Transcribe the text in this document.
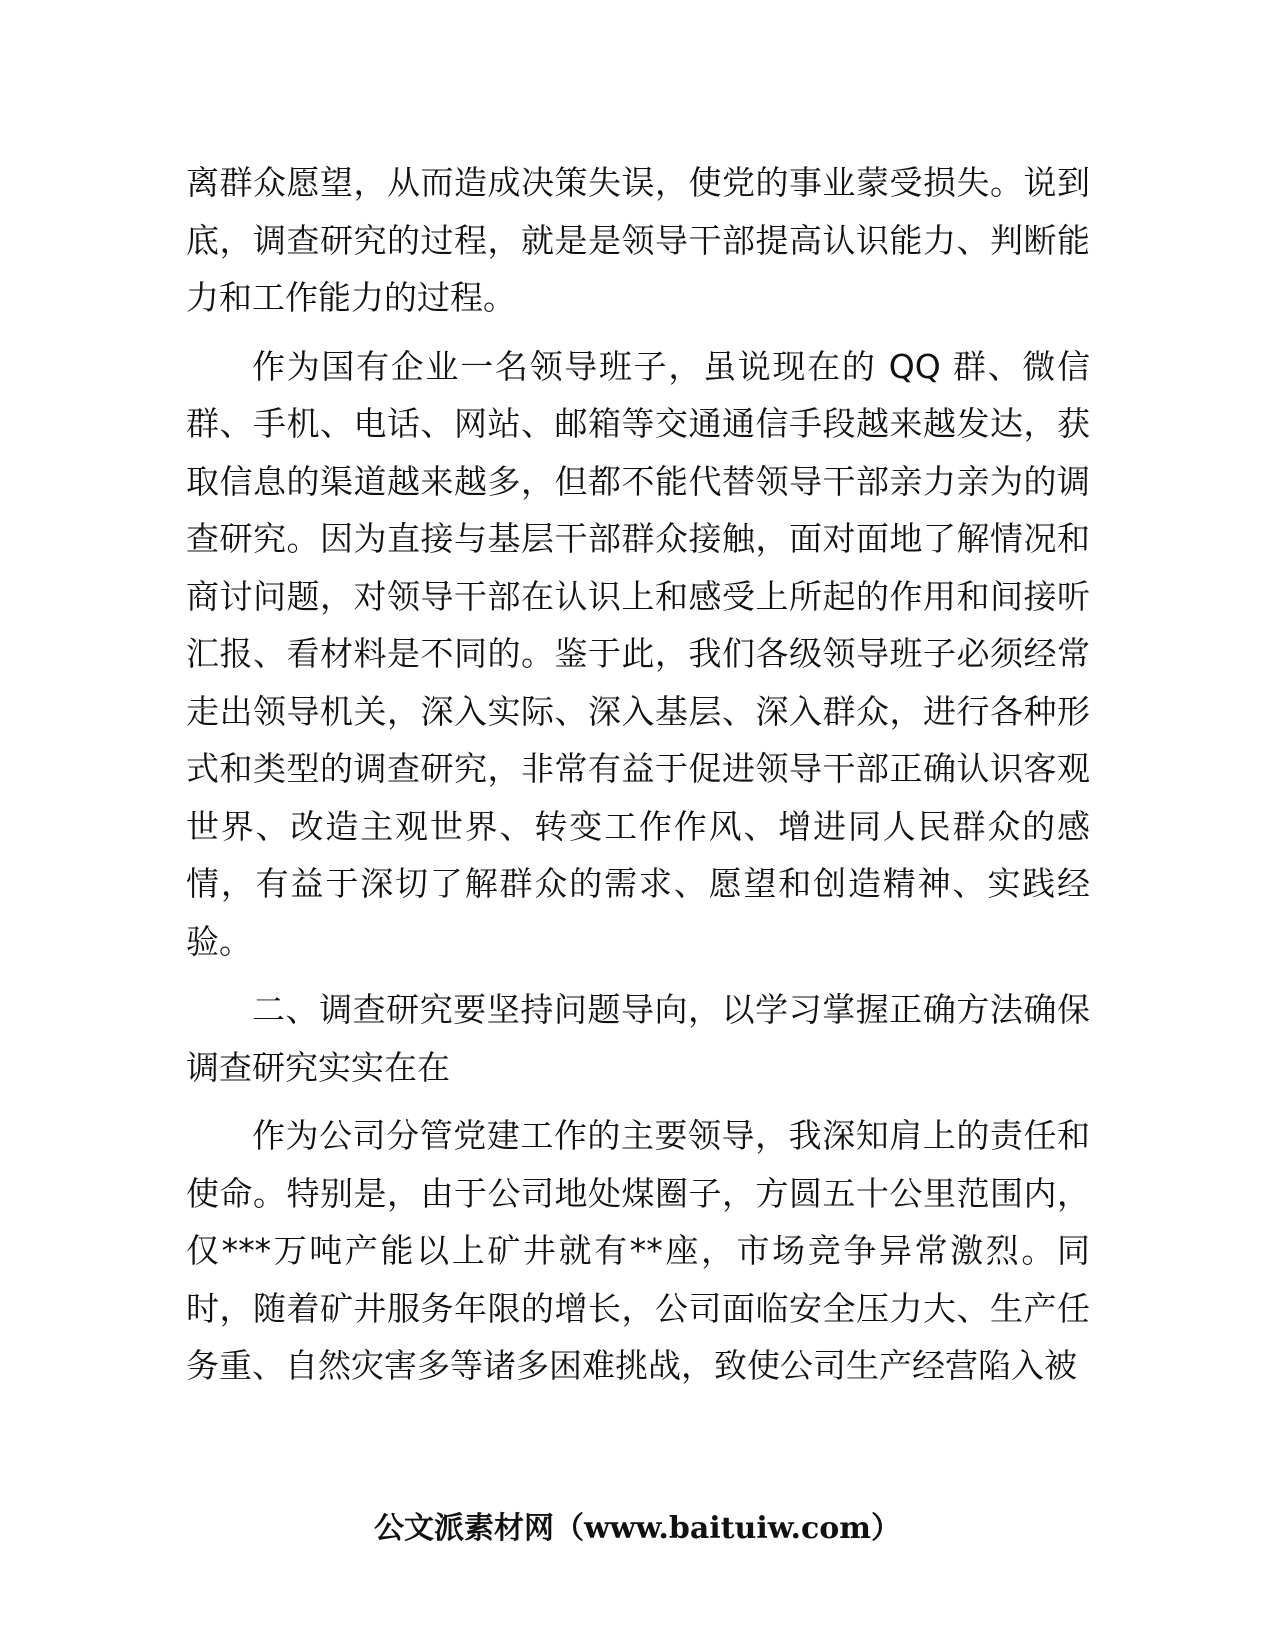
离群众愿望，从而造成决策失误，使党的事业蒙受损失。说到底，调查研究的过程，就是是领导干部提高认识能力、判断能力和工作能力的过程。

作为国有企业一名领导班子，虽说现在的 QQ 群、微信群、手机、电话、网站、邮箱等交通通信手段越来越发达，获取信息的渠道越来越多，但都不能代替领导干部亲力亲为的调查研究。因为直接与基层干部群众接触，面对面地了解情况和商讨问题，对领导干部在认识上和感受上所起的作用和间接听汇报、看材料是不同的。鉴于此，我们各级领导班子必须经常走出领导机关，深入实际、深入基层、深入群众，进行各种形式和类型的调查研究，非常有益于促进领导干部正确认识客观世界、改造主观世界、转变工作作风、增进同人民群众的感情，有益于深切了解群众的需求、愿望和创造精神、实践经验。

二、调查研究要坚持问题导向，以学习掌握正确方法确保调查研究实实在在

作为公司分管党建工作的主要领导，我深知肩上的责任和使命。特别是，由于公司地处煤圈子，方圆五十公里范围内，仅***万吨产能以上矿井就有**座，市场竞争异常激烈。同时，随着矿井服务年限的增长，公司面临安全压力大、生产任务重、自然灾害多等诸多困难挑战，致使公司生产经营陷入被

公文派素材网（www.baituiw.com）
